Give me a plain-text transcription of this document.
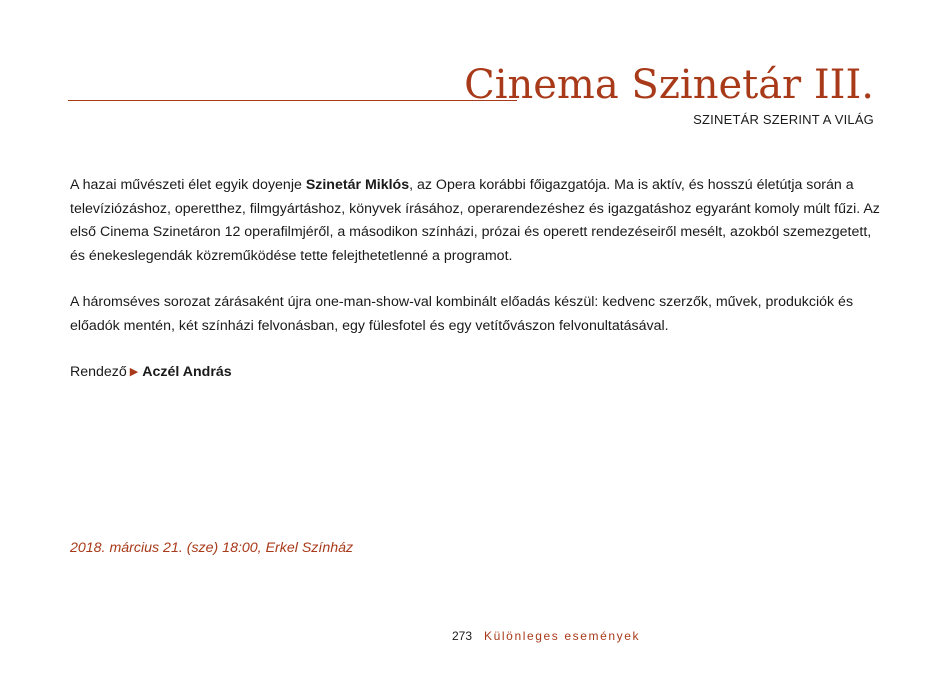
Cinema Szinetár III.
SZINETÁR SZERINT A VILÁG

A hazai művészeti élet egyik doyenje Szinetár Miklós, az Opera korábbi főigazgatója. Ma is aktív, és hosszú életútja során a televíziózáshoz, operetthez, filmgyártáshoz, könyvek írásához, operarendezéshez és igazgatáshoz egyaránt komoly múlt fűzi. Az első Cinema Szinetáron 12 operafilmjéről, a másodikon színházi, prózai és operett rendezéseiről mesélt, azokból szemezgetett, és énekeslegendák közreműködése tette felejthetetlenné a programot.

A háromséves sorozat zárásaként újra one-man-show-val kombinált előadás készül: kedvenc szerzők, művek, produkciók és előadók mentén, két színházi felvonásban, egy fülesfotel és egy vetítővászon felvonultatásával.

Rendező ▶ Aczél András
2018. március 21. (sze) 18:00, Erkel Színház
273 Különleges események
